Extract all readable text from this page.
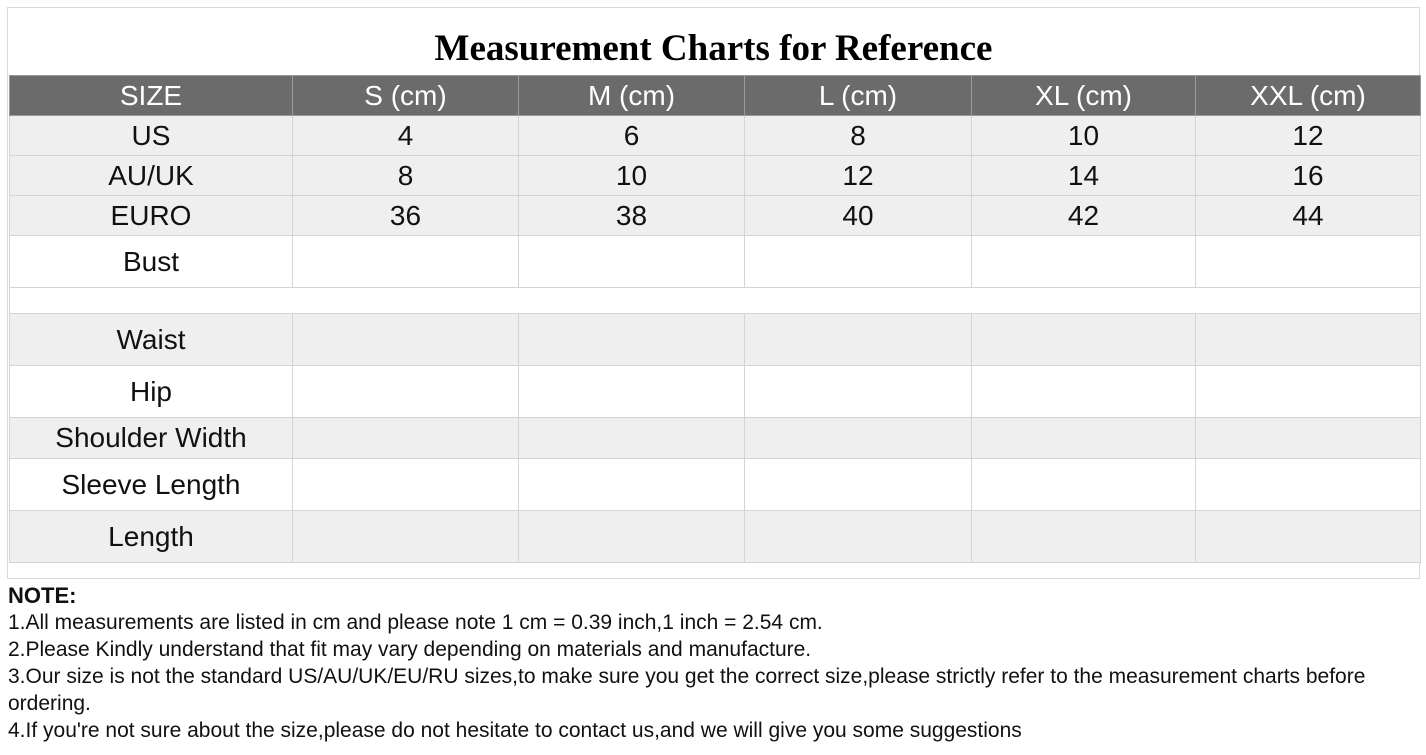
Measurement Charts for Reference
SIZE	S (cm)	M (cm)	L (cm)	XL (cm)	XXL (cm)
US	4	6	8	10	12
AU/UK	8	10	12	14	16
EURO	36	38	40	42	44
Bust					

Waist					
Hip					
Shoulder Width					
Sleeve Length					
Length					
NOTE:
1.All measurements are listed in cm and please note 1 cm = 0.39 inch,1 inch = 2.54 cm.
2.Please Kindly understand that fit may vary depending on materials and manufacture.
3.Our size is not the standard US/AU/UK/EU/RU sizes,to make sure you get the correct size,please strictly refer to the measurement charts before ordering.
4.If you're not sure about the size,please do not hesitate to contact us,and we will give you some suggestions
